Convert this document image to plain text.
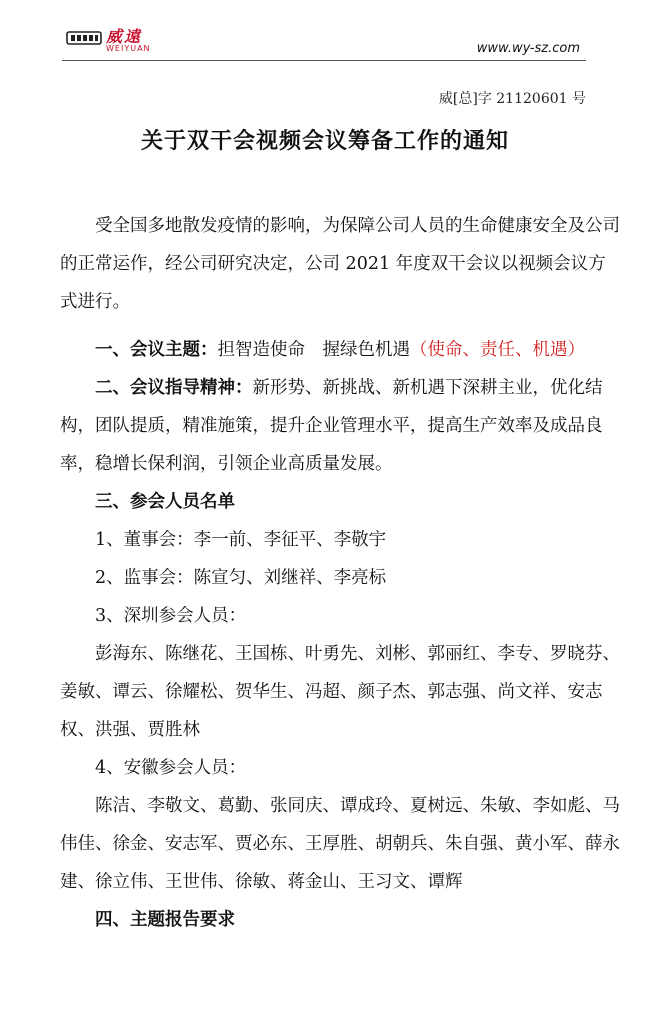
威遠
WEIYUAN	www.wy-sz.com
威[总]字 21120601 号
关于双干会视频会议筹备工作的通知

受全国多地散发疫情的影响，为保障公司人员的生命健康安全及公司的正常运作，经公司研究决定，公司 2021 年度双干会议以视频会议方式进行。

一、会议主题：担智造使命　握绿色机遇（使命、责任、机遇）

二、会议指导精神：新形势、新挑战、新机遇下深耕主业，优化结构，团队提质，精准施策，提升企业管理水平，提高生产效率及成品良率，稳增长保利润，引领企业高质量发展。

三、参会人员名单

1、董事会：李一前、李征平、李敬宇

2、监事会：陈宣匀、刘继祥、李亮标

3、深圳参会人员：

彭海东、陈继花、王国栋、叶勇先、刘彬、郭丽红、李专、罗晓芬、姜敏、谭云、徐耀松、贺华生、冯超、颜子杰、郭志强、尚文祥、安志权、洪强、贾胜林

4、安徽参会人员：

陈洁、李敬文、葛勤、张同庆、谭成玲、夏树远、朱敏、李如彪、马伟佳、徐金、安志军、贾必东、王厚胜、胡朝兵、朱自强、黄小军、薛永建、徐立伟、王世伟、徐敏、蒋金山、王习文、谭辉

四、主题报告要求
